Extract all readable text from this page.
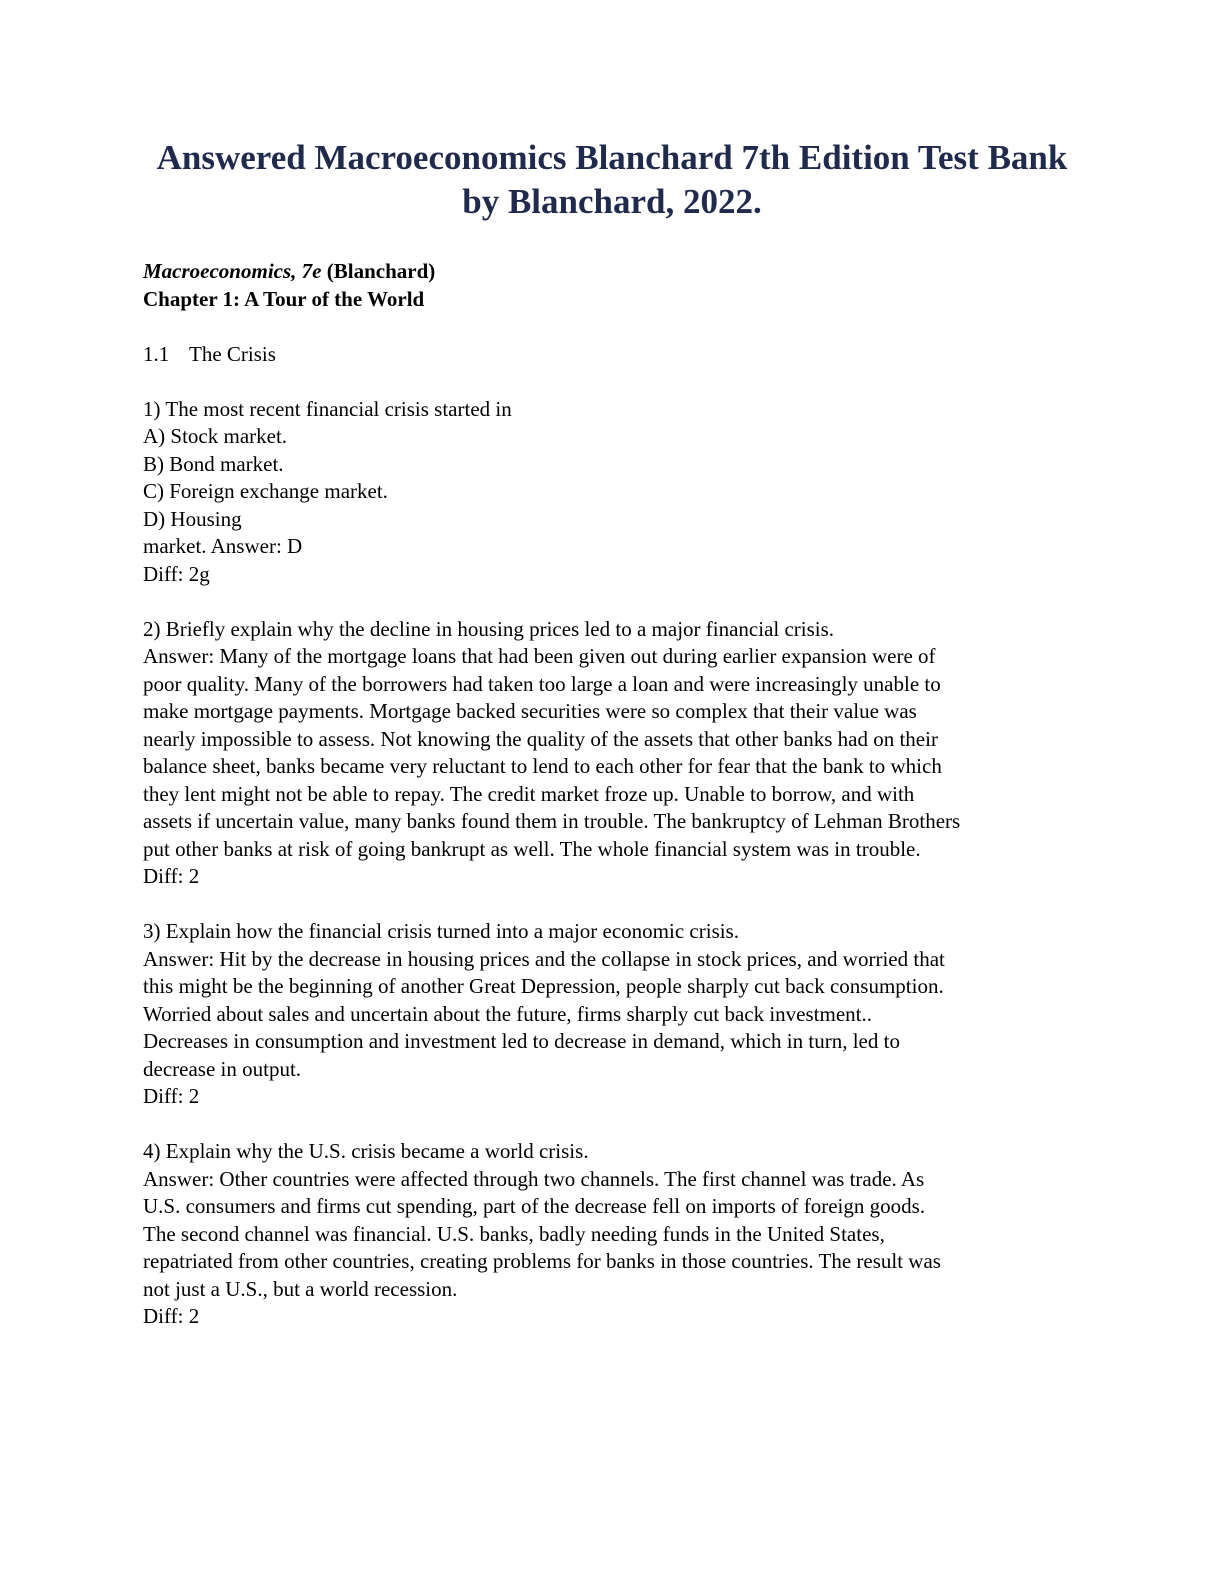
Answered Macroeconomics Blanchard 7th Edition Test Bank
by Blanchard, 2022.
Macroeconomics, 7e (Blanchard)
Chapter 1: A Tour of the World
1.1 The Crisis
1) The most recent financial crisis started in
A) Stock market.
B) Bond market.
C) Foreign exchange market.
D) Housing
market. Answer: D
Diff: 2g
2) Briefly explain why the decline in housing prices led to a major financial crisis.
Answer: Many of the mortgage loans that had been given out during earlier expansion were of
poor quality. Many of the borrowers had taken too large a loan and were increasingly unable to
make mortgage payments. Mortgage backed securities were so complex that their value was
nearly impossible to assess. Not knowing the quality of the assets that other banks had on their
balance sheet, banks became very reluctant to lend to each other for fear that the bank to which
they lent might not be able to repay. The credit market froze up. Unable to borrow, and with
assets if uncertain value, many banks found them in trouble. The bankruptcy of Lehman Brothers
put other banks at risk of going bankrupt as well. The whole financial system was in trouble.
Diff: 2
3) Explain how the financial crisis turned into a major economic crisis.
Answer: Hit by the decrease in housing prices and the collapse in stock prices, and worried that
this might be the beginning of another Great Depression, people sharply cut back consumption.
Worried about sales and uncertain about the future, firms sharply cut back investment..
Decreases in consumption and investment led to decrease in demand, which in turn, led to
decrease in output.
Diff: 2
4) Explain why the U.S. crisis became a world crisis.
Answer: Other countries were affected through two channels. The first channel was trade. As
U.S. consumers and firms cut spending, part of the decrease fell on imports of foreign goods.
The second channel was financial. U.S. banks, badly needing funds in the United States,
repatriated from other countries, creating problems for banks in those countries. The result was
not just a U.S., but a world recession.
Diff: 2
